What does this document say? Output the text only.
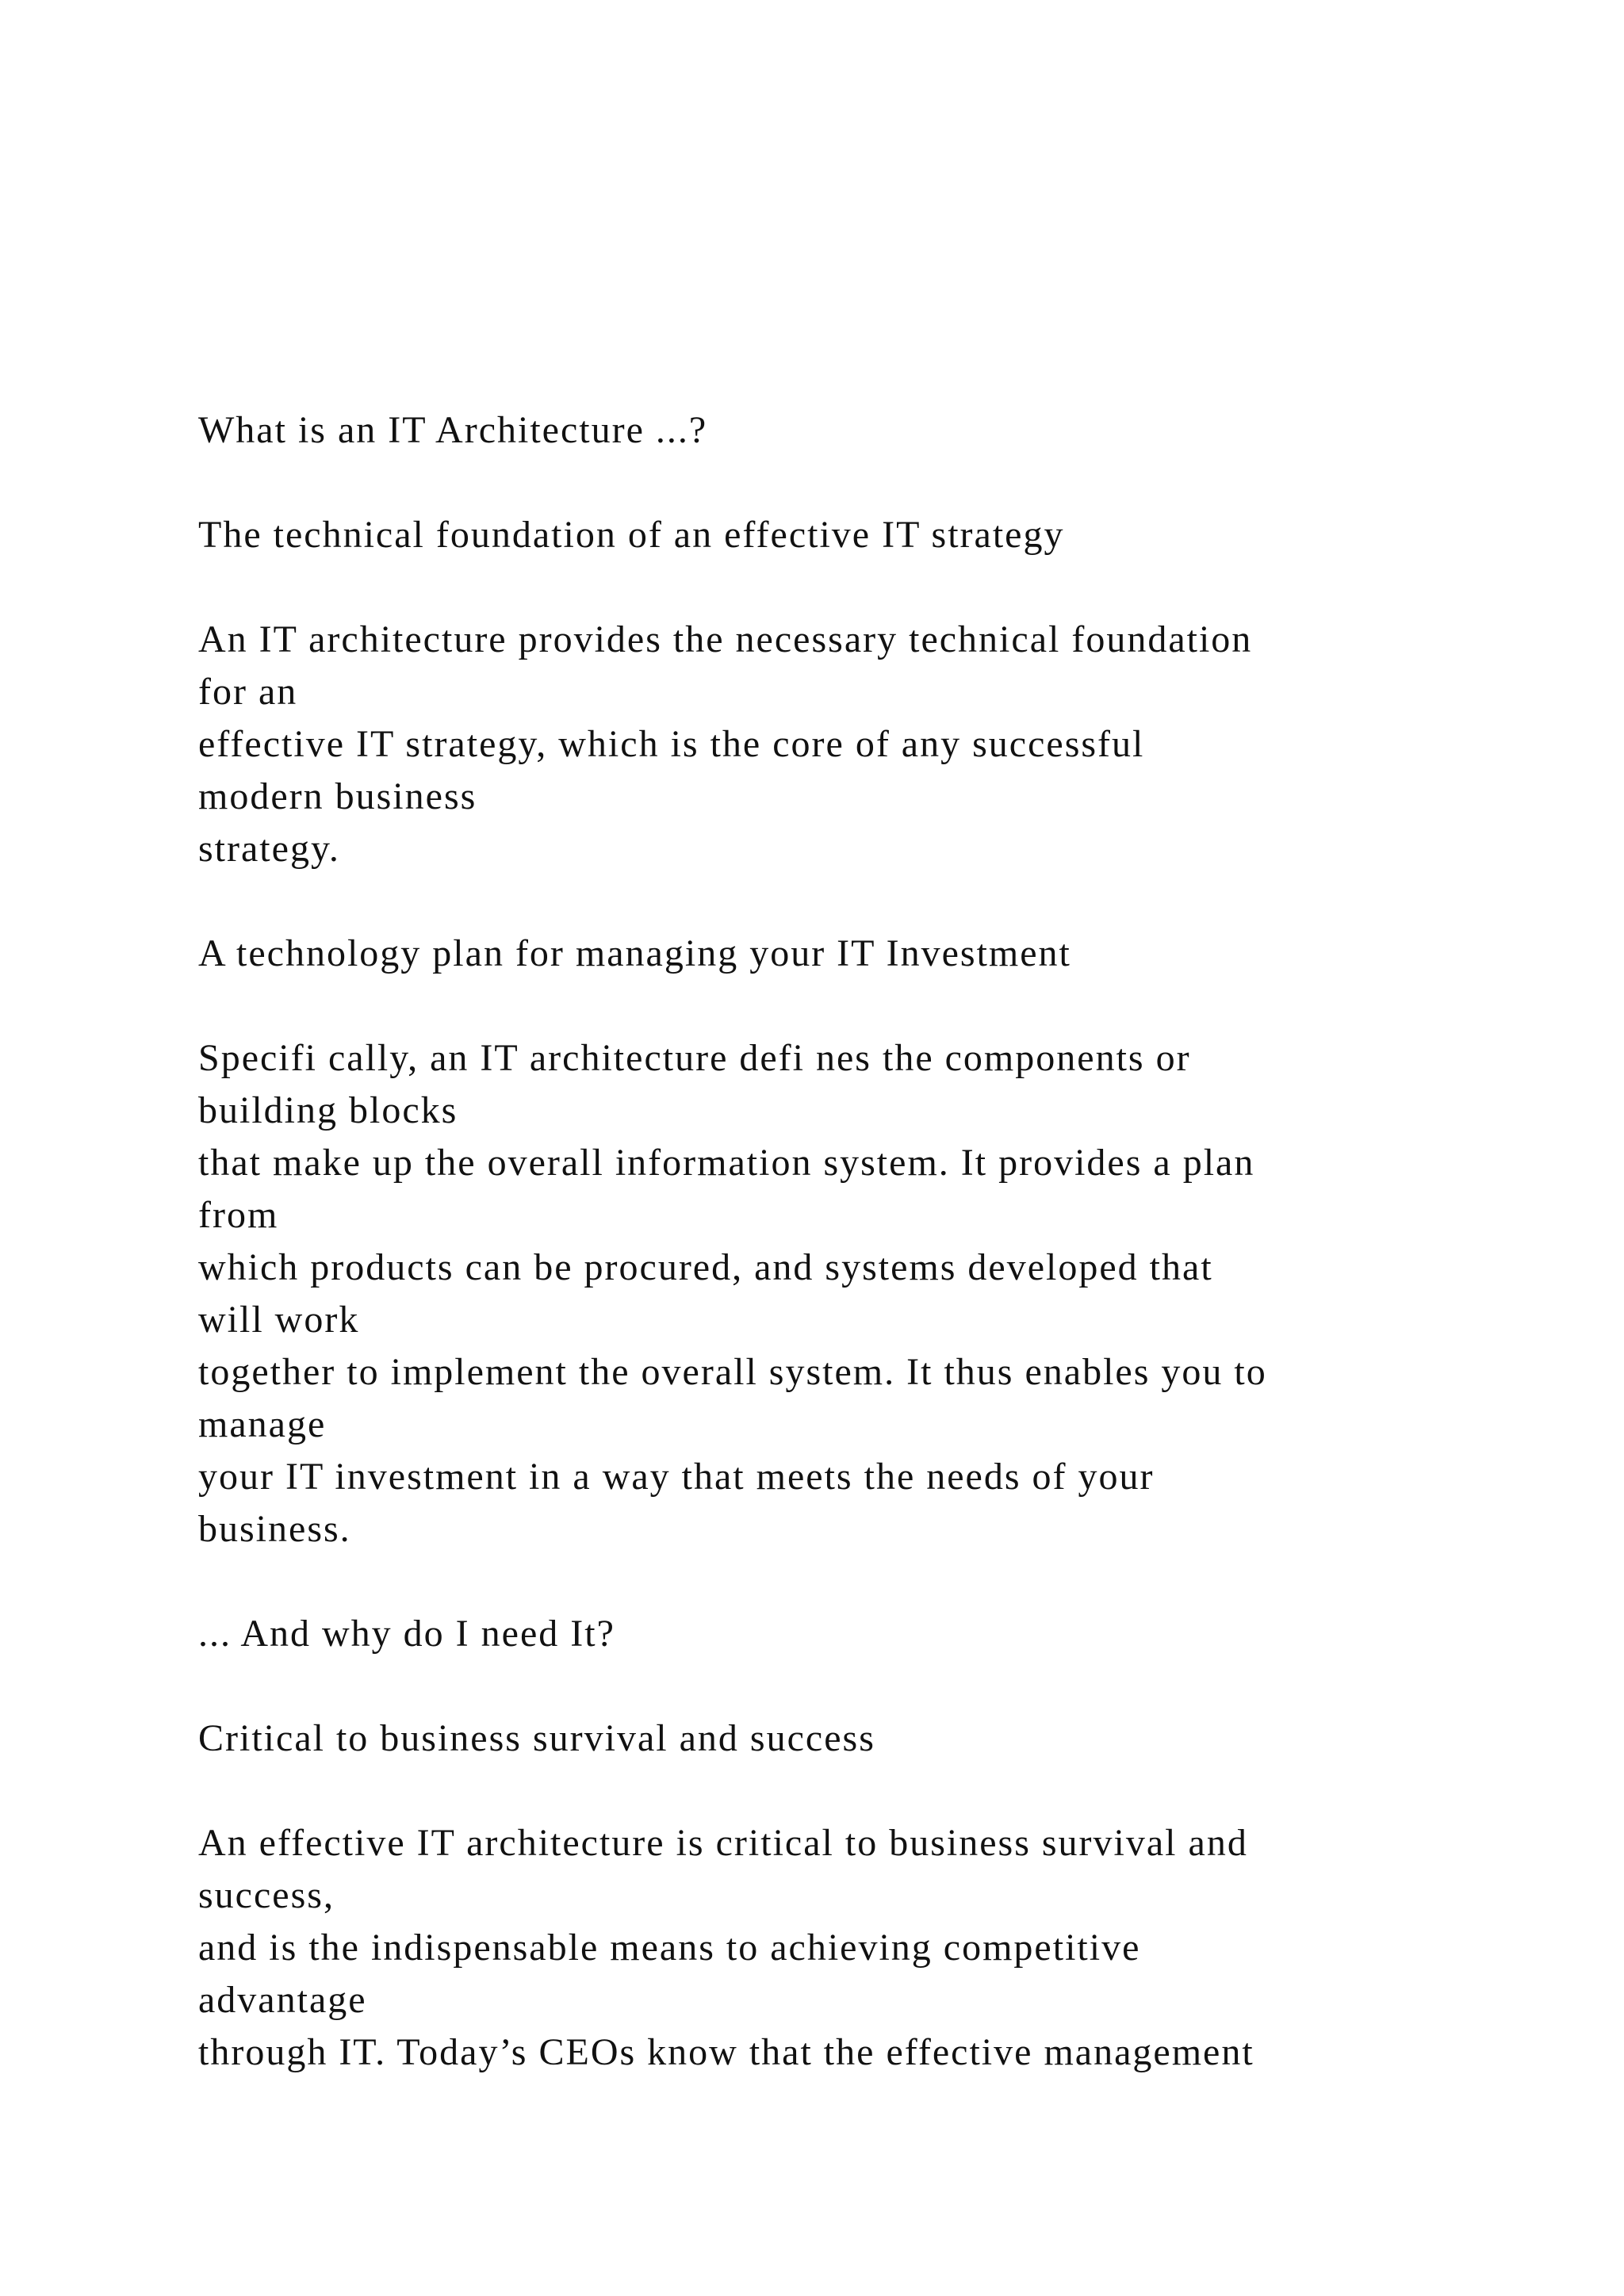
What is an IT Architecture ...?
The technical foundation of an effective IT strategy
An IT architecture provides the necessary technical foundation
for an
effective IT strategy, which is the core of any successful
modern business
strategy.
A technology plan for managing your IT Investment
Specifi cally, an IT architecture defi nes the components or
building blocks
that make up the overall information system. It provides a plan
from
which products can be procured, and systems developed that
will work
together to implement the overall system. It thus enables you to
manage
your IT investment in a way that meets the needs of your
business.
... And why do I need It?
Critical to business survival and success
An effective IT architecture is critical to business survival and
success,
and is the indispensable means to achieving competitive
advantage
through IT. Today’s CEOs know that the effective management
